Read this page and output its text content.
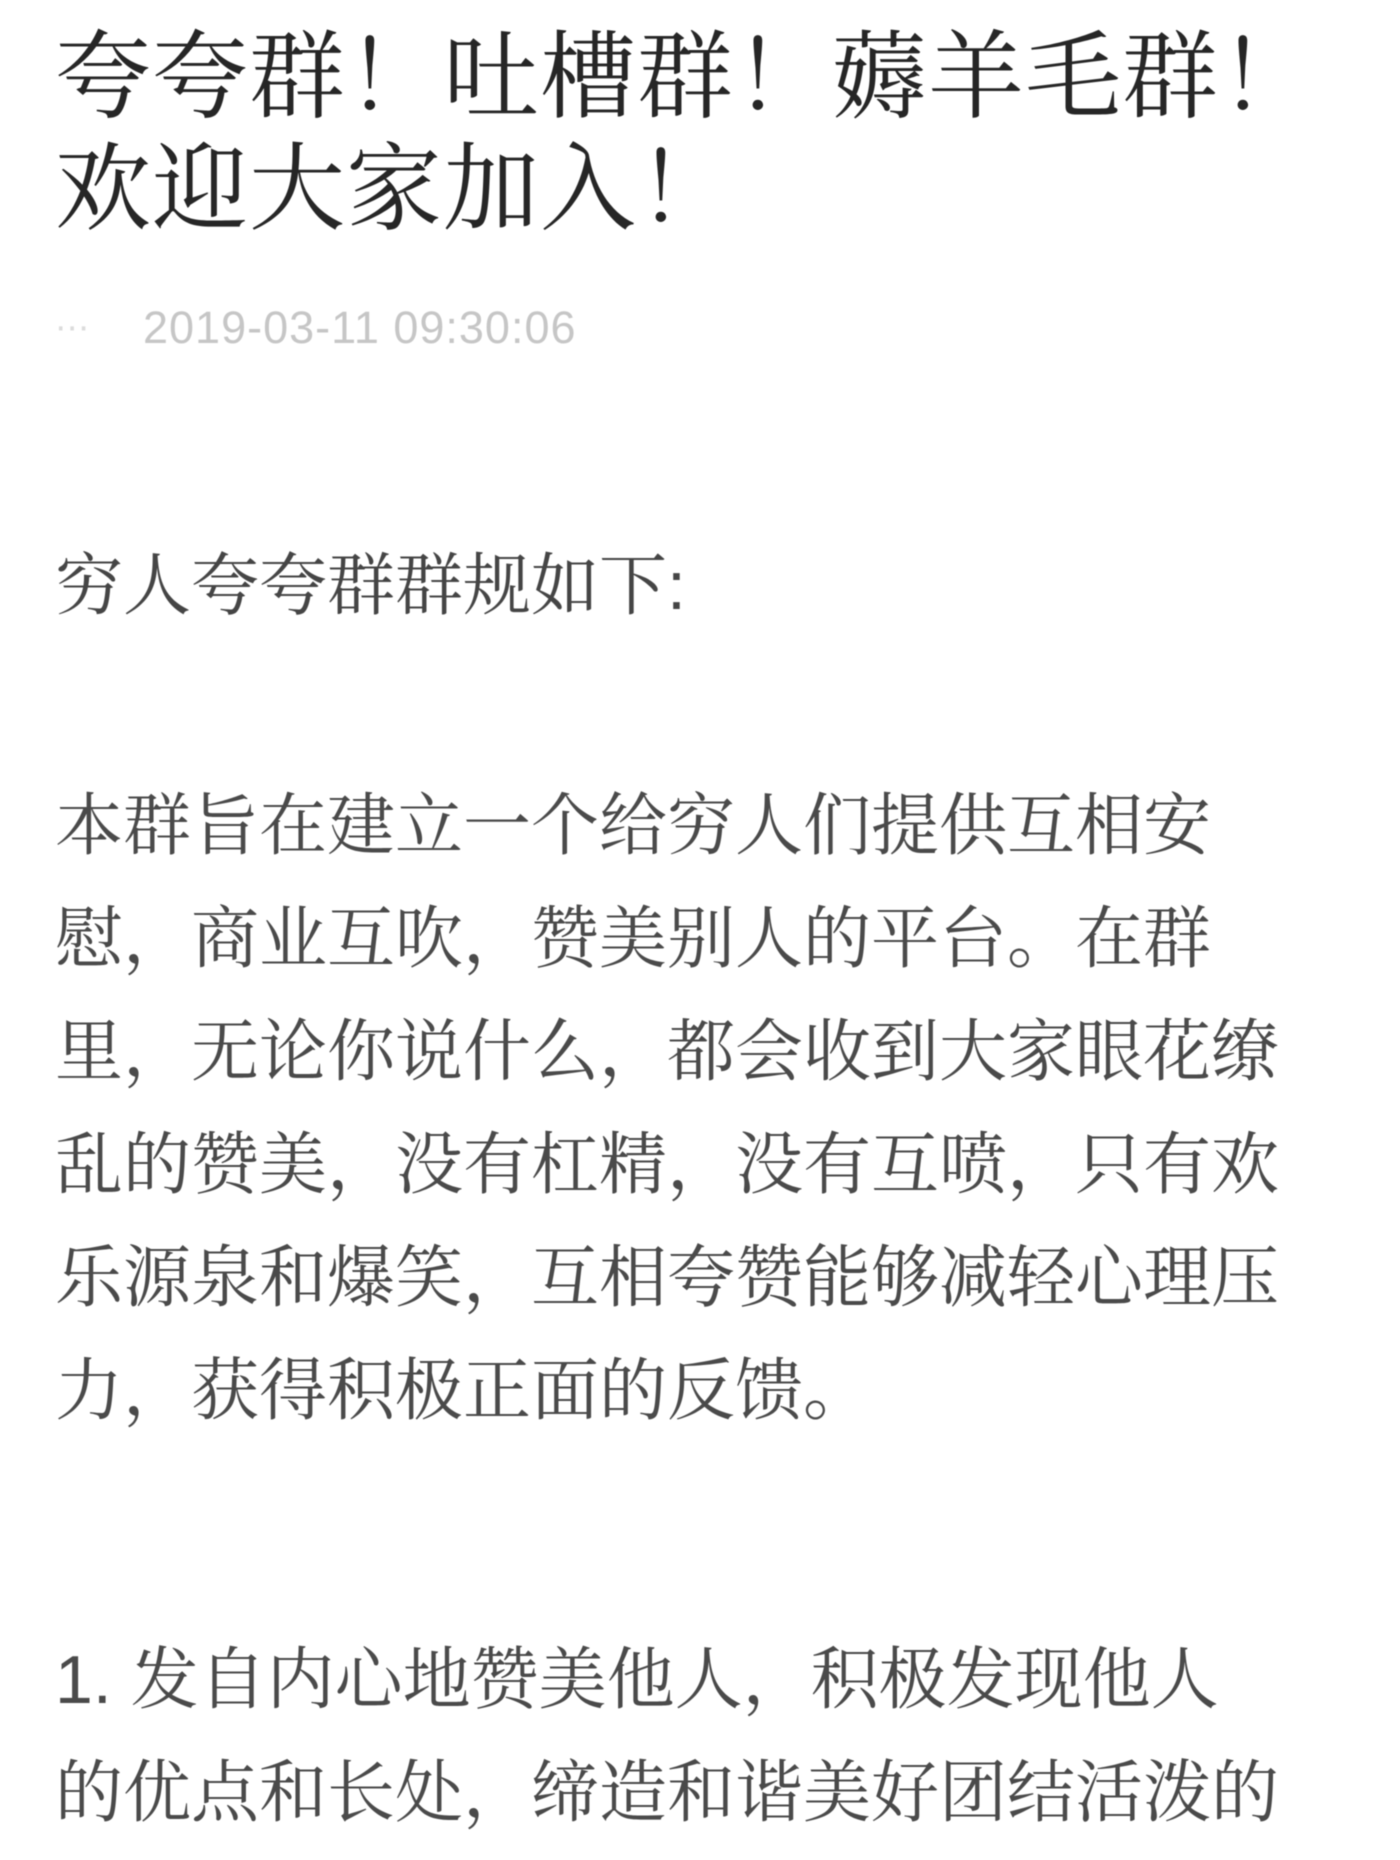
夸夸群！吐槽群！薅羊毛群！
欢迎大家加入！
⋯	2019-03-11 09:30:06
穷人夸夸群群规如下:
本群旨在建立一个给穷人们提供互相安
慰，商业互吹，赞美别人的平台。在群
里，无论你说什么，都会收到大家眼花缭
乱的赞美，没有杠精，没有互喷，只有欢
乐源泉和爆笑，互相夸赞能够减轻心理压
力，获得积极正面的反馈。
1. 发自内心地赞美他人，积极发现他人
的优点和长处，缔造和谐美好团结活泼的
